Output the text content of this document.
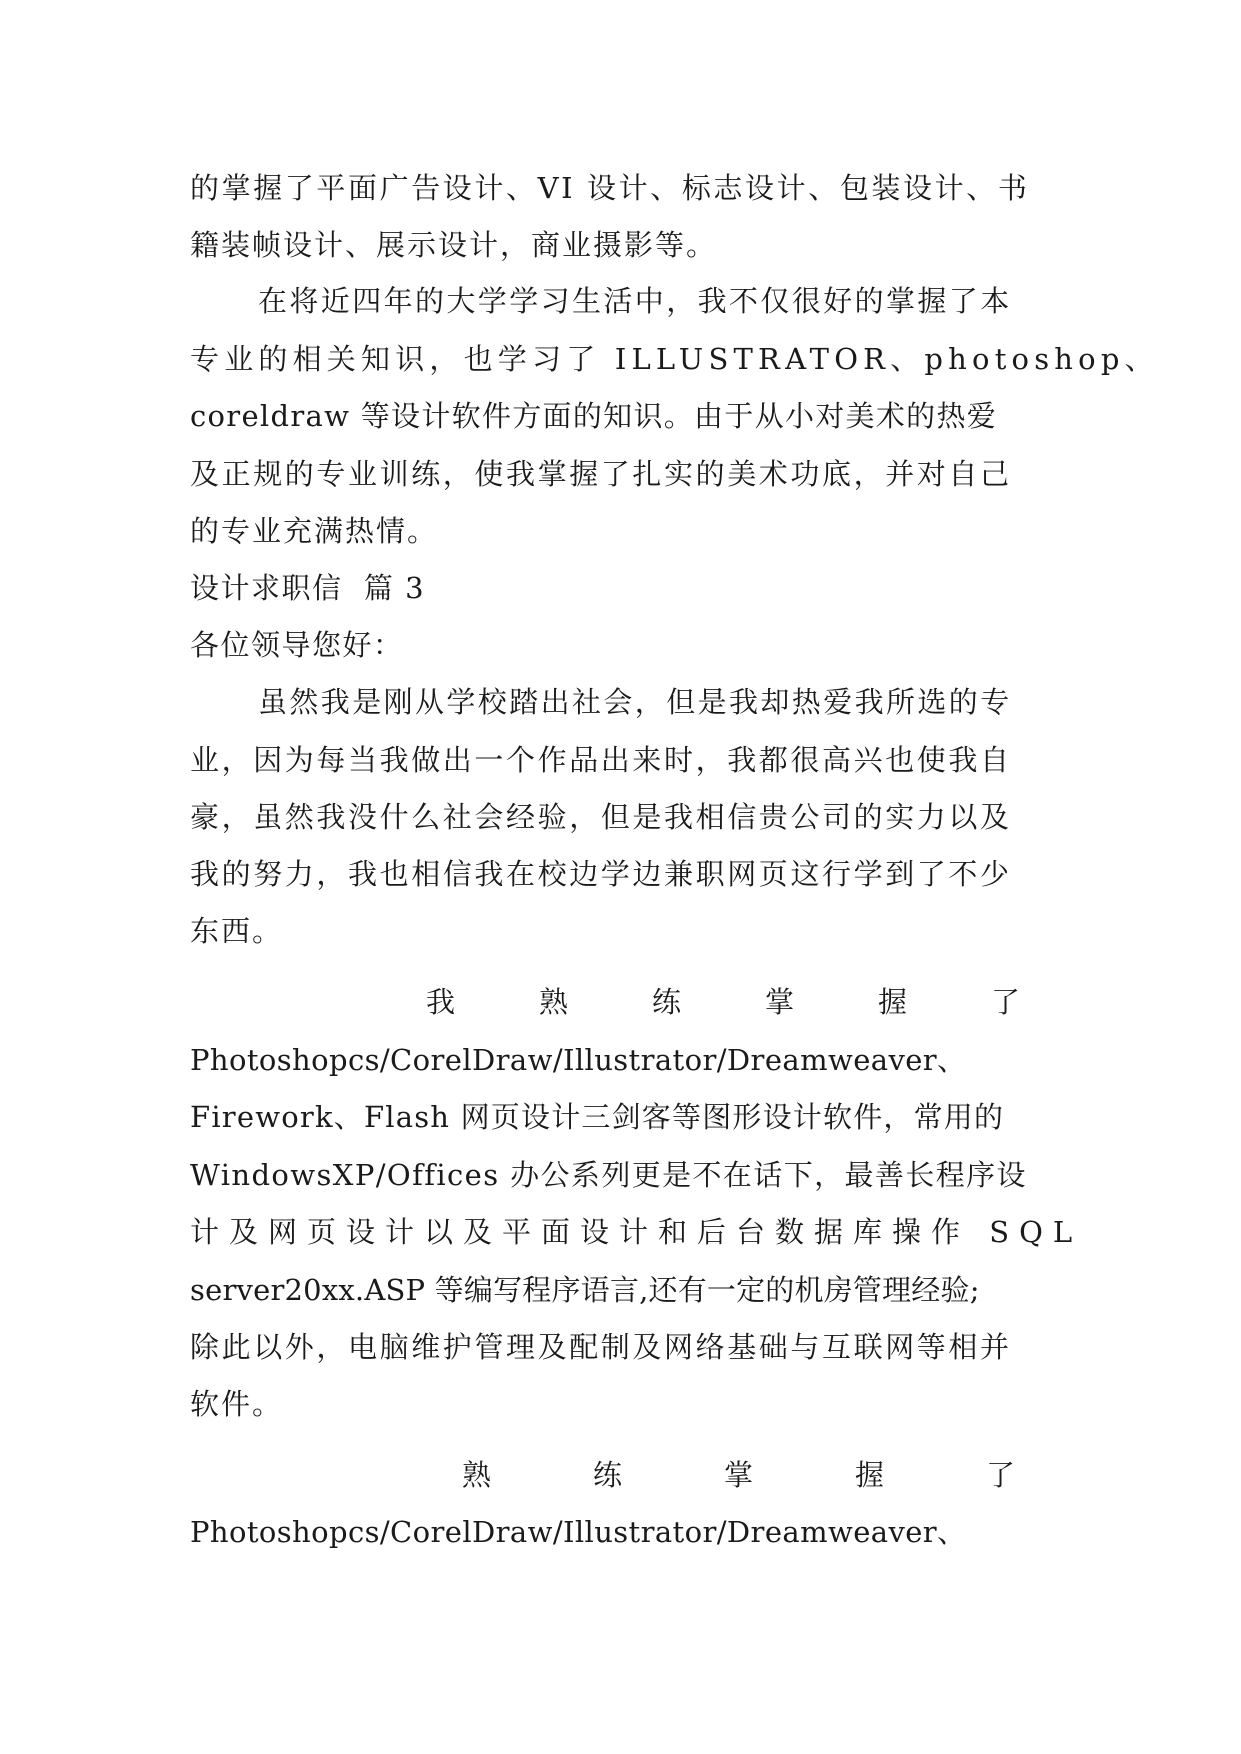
的掌握了平面广告设计、VI 设计、标志设计、包装设计、书
籍装帧设计、展示设计，商业摄影等。
在将近四年的大学学习生活中，我不仅很好的掌握了本
专业的相关知识，也学习了 ILLUSTRATOR、photoshop、
coreldraw 等设计软件方面的知识。由于从小对美术的热爱
及正规的专业训练，使我掌握了扎实的美术功底，并对自己
的专业充满热情。
设计求职信  篇 3
各位领导您好：
虽然我是刚从学校踏出社会，但是我却热爱我所选的专
业，因为每当我做出一个作品出来时，我都很高兴也使我自
豪，虽然我没什么社会经验，但是我相信贵公司的实力以及
我的努力，我也相信我在校边学边兼职网页这行学到了不少
东西。
我熟练掌握了
Photoshopcs/CorelDraw/Illustrator/Dreamweaver、
Firework、Flash 网页设计三剑客等图形设计软件，常用的
WindowsXP/Offices 办公系列更是不在话下，最善长程序设
计及网页设计以及平面设计和后台数据库操作 SQL
server20xx.ASP 等编写程序语言,还有一定的机房管理经验;
除此以外，电脑维护管理及配制及网络基础与互联网等相并
软件。
熟练掌握了
Photoshopcs/CorelDraw/Illustrator/Dreamweaver、
